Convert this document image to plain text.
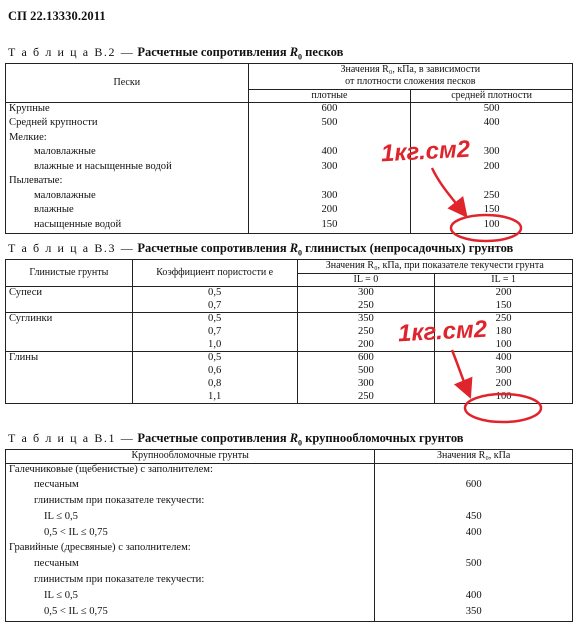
СП 22.13330.2011
Т а б л и ц а В.2 — Расчетные сопротивления $R_0$ песков
Пески	Значения R₀, кПа, в зависимости
от плотности сложения песков	

	плотные	средней плотности
Крупные	600	500
Средней крупности	500	400
Мелкие:		
маловлажные	400	300
влажные и насыщенные водой	300	200
Пылеватые:		
маловлажные	300	250
влажные	200	150
насыщенные водой	150	100
Т а б л и ц а В.3 — Расчетные сопротивления $R_0$ глинистых (непросадочных) грунтов
Глинистые грунты	Коэффициент пористости e	Значения R₀, кПа, при показателе текучести грунта	
		IL = 0	IL = 1
Супеси	0,5	300	200
	0,7	250	150
Суглинки	0,5	350	250
	0,7	250	180
	1,0	200	100
Глины	0,5	600	400
	0,6	500	300
	0,8	300	200
	1,1	250	100
Т а б л и ц а В.1 — Расчетные сопротивления $R_0$ крупнообломочных грунтов
Крупнообломочные грунты	Значения R₀, кПа
Галечниковые (щебенистые) с заполнителем:	
песчаным	600
глинистым при показателе текучести:	
IL ≤ 0,5	450
0,5 < IL ≤ 0,75	400
Гравийные (дресвяные) с заполнителем:	
песчаным	500
глинистым при показателе текучести:	
IL ≤ 0,5	400
0,5 < IL ≤ 0,75	350
1кг.см2
1кг.см2
